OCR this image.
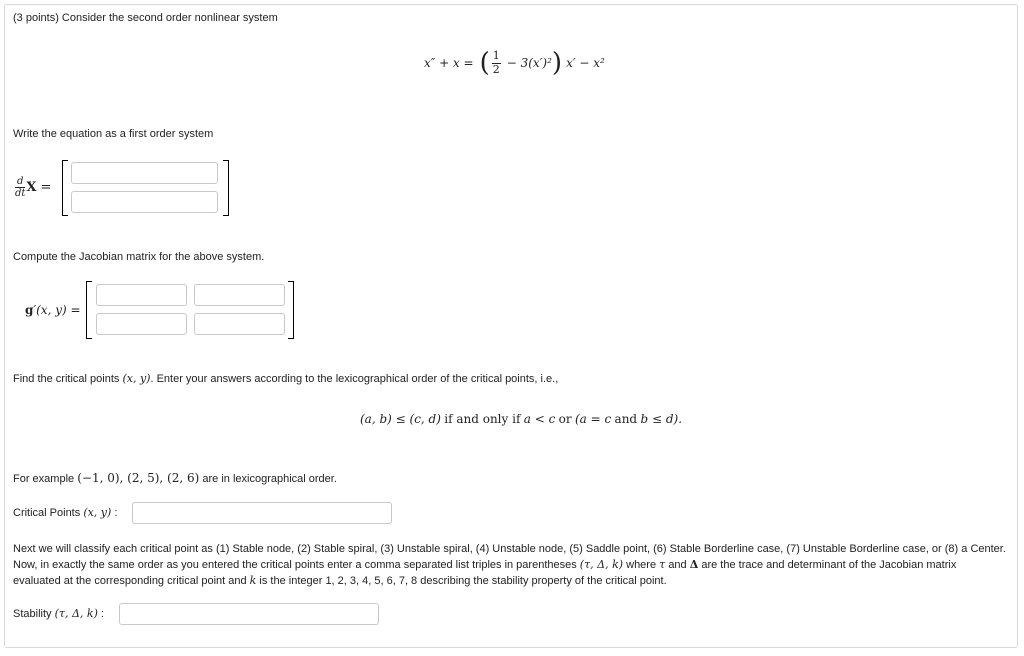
(3 points) Consider the second order nonlinear system
x″ + x = ( $\frac{1}{2} - 3(x')^2$ ) x′ − x²
Write the equation as a first order system
$\frac{d}{dt}$ X =
Compute the Jacobian matrix for the above system.
g′(x, y) =
Find the critical points (x, y). Enter your answers according to the lexicographical order of the critical points, i.e.,
(a, b) ≤ (c, d) if and only if a < c or (a = c and b ≤ d).
For example (−1, 0), (2, 5), (2, 6) are in lexicographical order.
Critical Points (x, y) :
Next we will classify each critical point as (1) Stable node, (2) Stable spiral, (3) Unstable spiral, (4) Unstable node, (5) Saddle point, (6) Stable Borderline case, (7) Unstable Borderline case, or (8) a Center.
Now, in exactly the same order as you entered the critical points enter a comma separated list triples in parentheses (τ, Δ, k) where τ and Δ are the trace and determinant of the Jacobian matrix
evaluated at the corresponding critical point and k is the integer 1, 2, 3, 4, 5, 6, 7, 8 describing the stability property of the critical point.
Stability (τ, Δ, k) :
